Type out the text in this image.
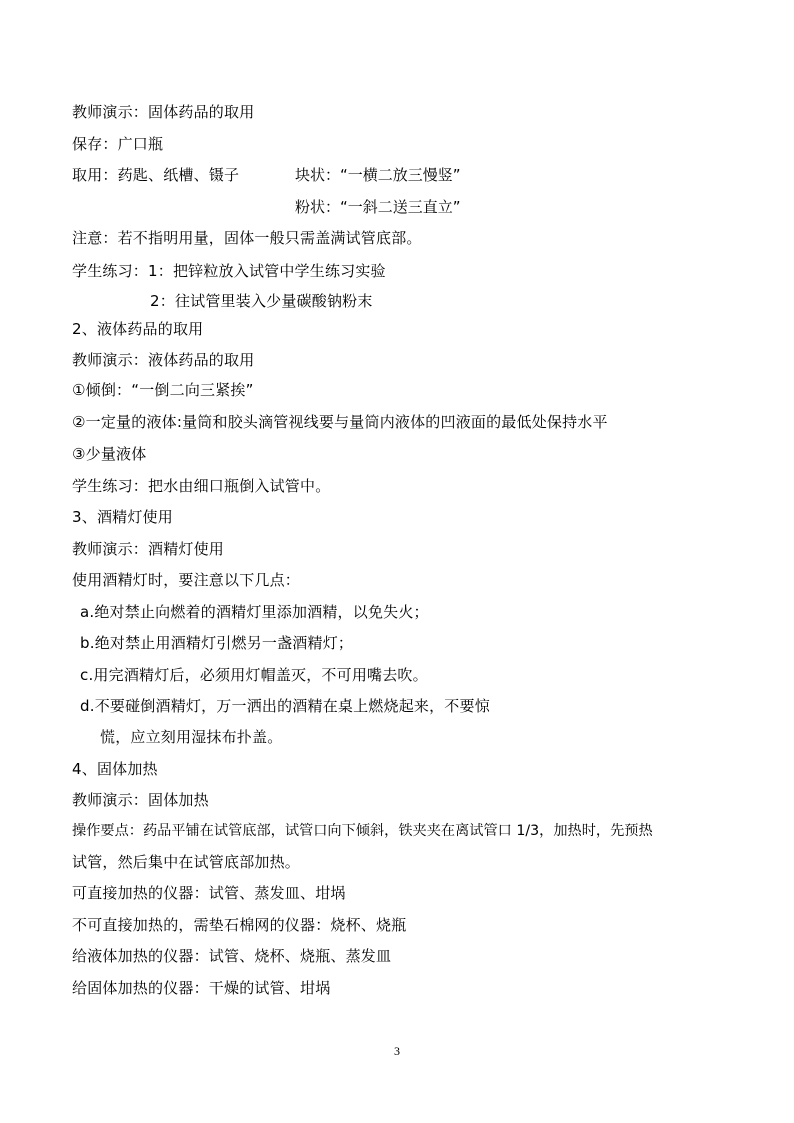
教师演示：固体药品的取用
保存：广口瓶
取用：药匙、纸槽、镊子	块状：“一横二放三慢竖”
粉状：“一斜二送三直立”
注意：若不指明用量，固体一般只需盖满试管底部。
学生练习：1：把锌粒放入试管中学生练习实验
2：往试管里装入少量碳酸钠粉末
2、液体药品的取用
教师演示：液体药品的取用
①倾倒：“一倒二向三紧挨”
②一定量的液体:量筒和胶头滴管视线要与量筒内液体的凹液面的最低处保持水平
③少量液体
学生练习：把水由细口瓶倒入试管中。
3、酒精灯使用
教师演示：酒精灯使用
使用酒精灯时，要注意以下几点：
a.绝对禁止向燃着的酒精灯里添加酒精，以免失火；
b.绝对禁止用酒精灯引燃另一盏酒精灯；
c.用完酒精灯后，必须用灯帽盖灭，不可用嘴去吹。
d.不要碰倒酒精灯，万一洒出的酒精在桌上燃烧起来，不要惊
慌，应立刻用湿抹布扑盖。
4、固体加热
教师演示：固体加热
操作要点：药品平铺在试管底部，试管口向下倾斜，铁夹夹在离试管口 1/3，加热时，先预热
试管，然后集中在试管底部加热。
可直接加热的仪器：试管、蒸发皿、坩埚
不可直接加热的，需垫石棉网的仪器：烧杯、烧瓶
给液体加热的仪器：试管、烧杯、烧瓶、蒸发皿
给固体加热的仪器：干燥的试管、坩埚
3
